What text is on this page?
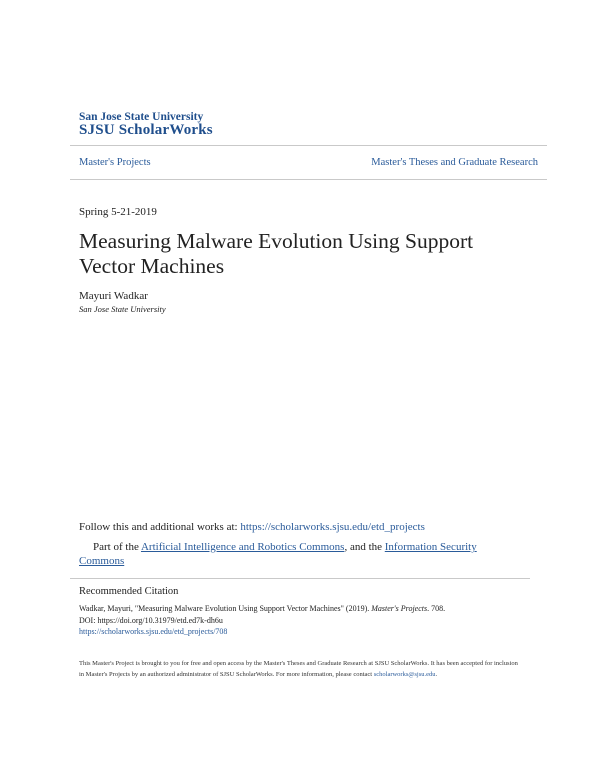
San Jose State University
SJSU ScholarWorks
Master's Projects	Master's Theses and Graduate Research
Spring 5-21-2019
Measuring Malware Evolution Using Support Vector Machines
Mayuri Wadkar
San Jose State University
Follow this and additional works at: https://scholarworks.sjsu.edu/etd_projects
Part of the Artificial Intelligence and Robotics Commons, and the Information Security Commons
Recommended Citation
Wadkar, Mayuri, "Measuring Malware Evolution Using Support Vector Machines" (2019). Master's Projects. 708.
DOI: https://doi.org/10.31979/etd.ed7k-dh6u
https://scholarworks.sjsu.edu/etd_projects/708
This Master's Project is brought to you for free and open access by the Master's Theses and Graduate Research at SJSU ScholarWorks. It has been accepted for inclusion in Master's Projects by an authorized administrator of SJSU ScholarWorks. For more information, please contact scholarworks@sjsu.edu.
